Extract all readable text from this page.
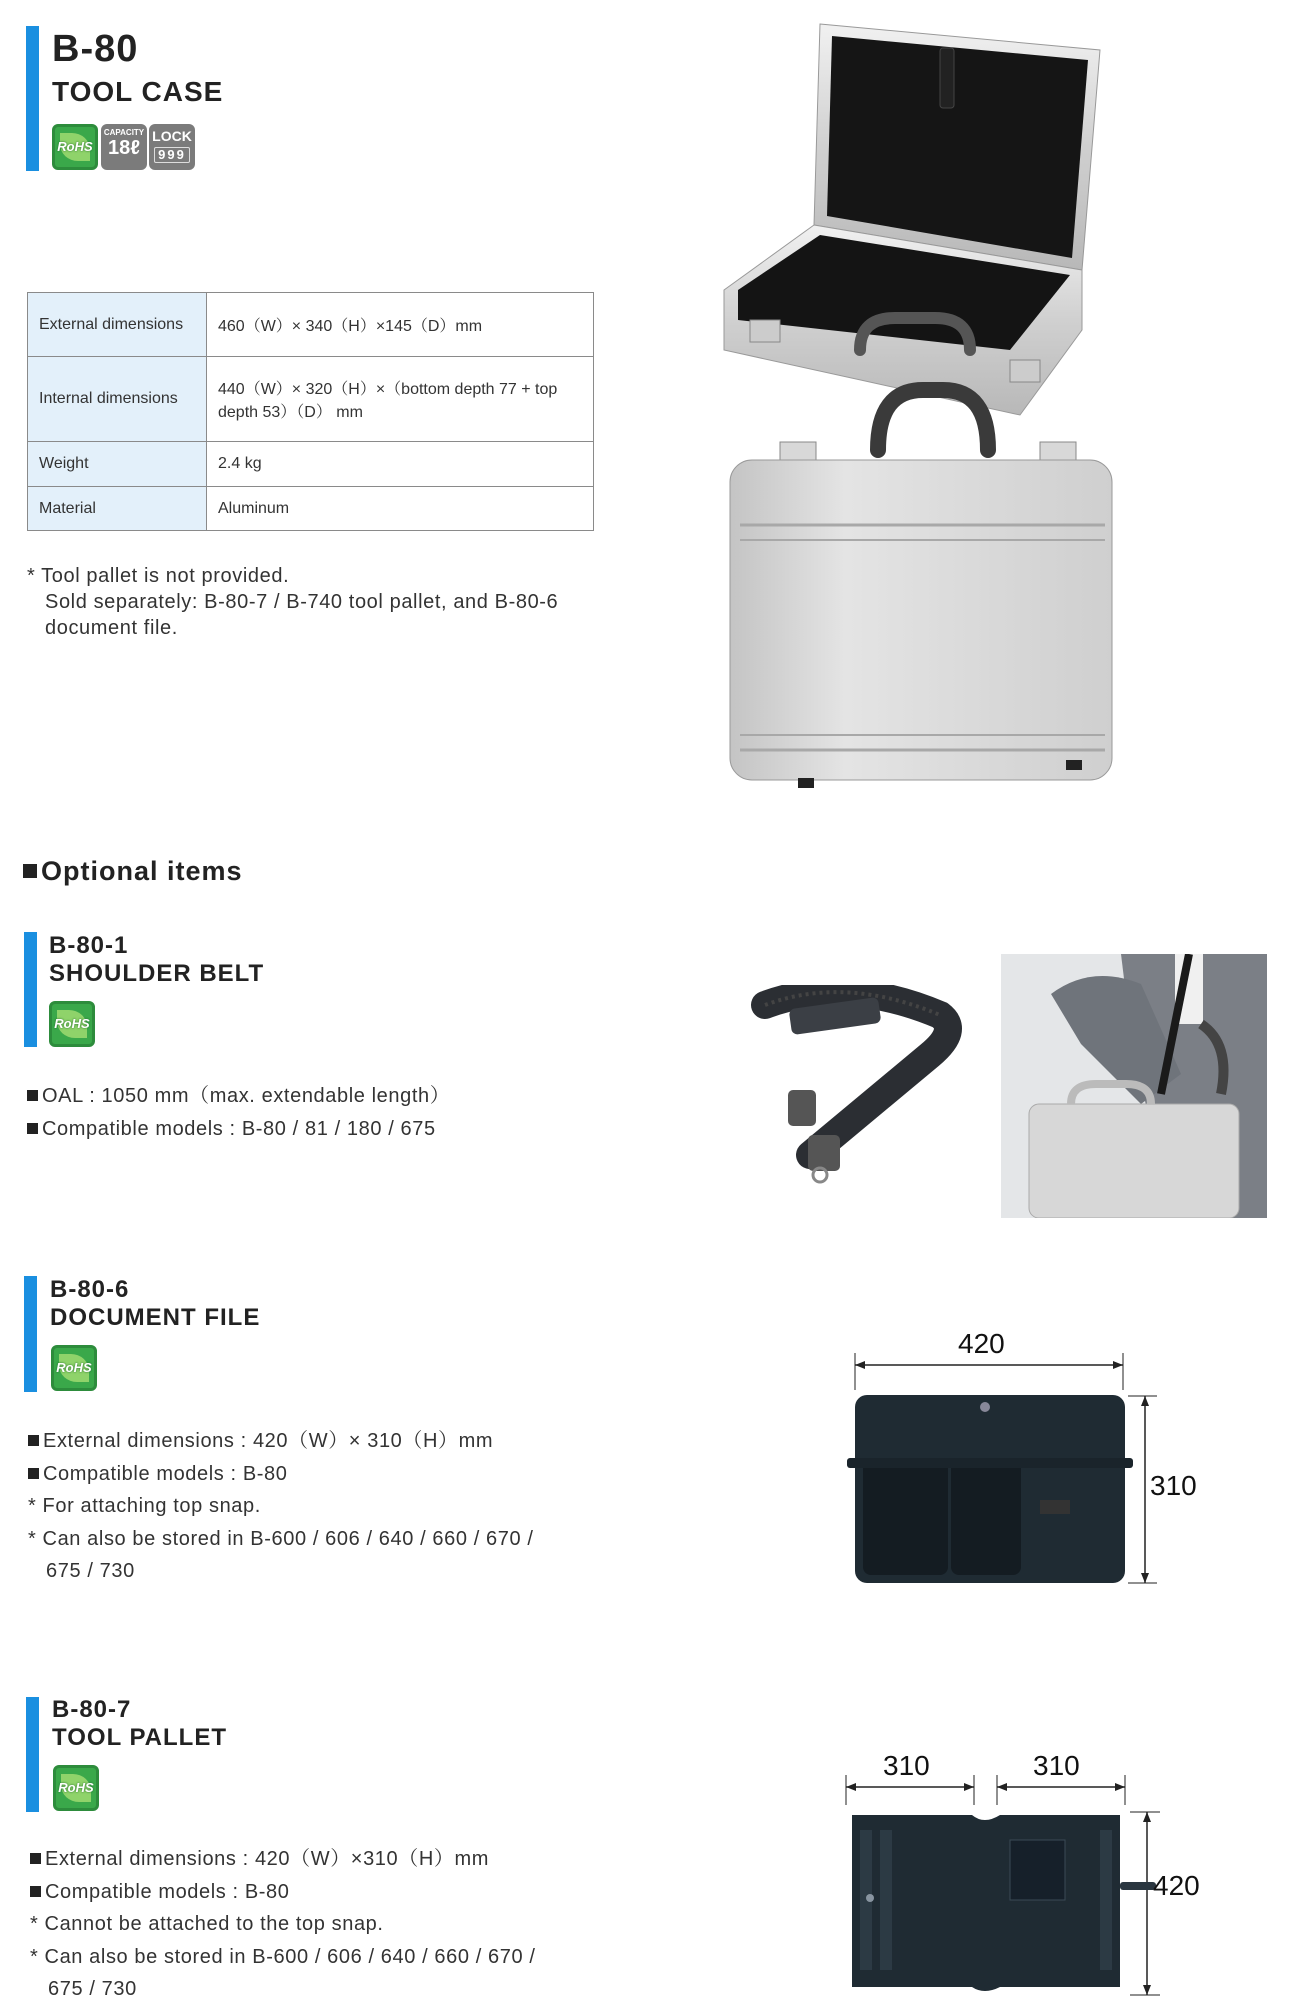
B-80
TOOL CASE
RoHS
CAPACITY
18ℓ
LOCK
999
External dimensions	460（W）× 340（H）×145（D）mm
Internal dimensions	440（W）× 320（H）×（bottom depth 77 + top depth 53）（D） mm
Weight	2.4 kg
Material	Aluminum
* Tool pallet is not provided.
Sold separately: B-80-7 / B-740 tool pallet, and B-80-6
document file.
Optional items
B-80-1
SHOULDER BELT
RoHS
OAL : 1050 mm（max. extendable length）
Compatible models : B-80 / 81 / 180 / 675
B-80-6
DOCUMENT FILE
RoHS
External dimensions : 420（W）× 310（H）mm
Compatible models : B-80
* For attaching top snap.
* Can also be stored in B-600 / 606 / 640 / 660 / 670 /
675 / 730
420
310
B-80-7
TOOL PALLET
RoHS
External dimensions : 420（W）×310（H）mm
Compatible models : B-80
* Cannot be attached to the top snap.
* Can also be stored in B-600 / 606 / 640 / 660 / 670 /
675 / 730
310	310
420
